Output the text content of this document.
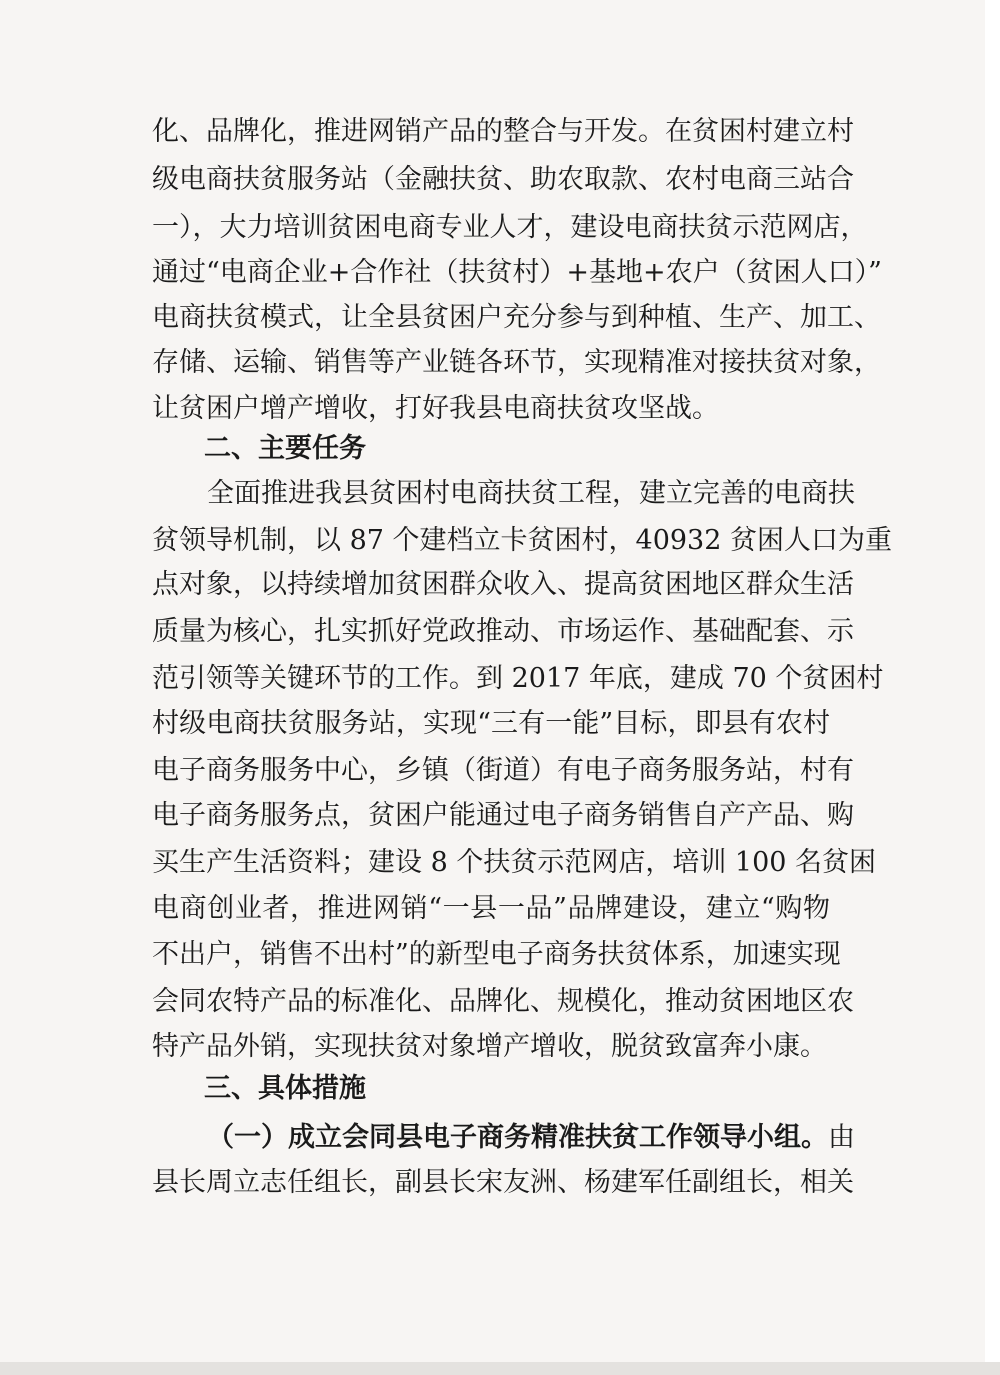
化、品牌化，推进网销产品的整合与开发。在贫困村建立村
级电商扶贫服务站（金融扶贫、助农取款、农村电商三站合
一），大力培训贫困电商专业人才，建设电商扶贫示范网店，
通过“电商企业+合作社（扶贫村）+基地+农户（贫困人口）”
电商扶贫模式，让全县贫困户充分参与到种植、生产、加工、
存储、运输、销售等产业链各环节，实现精准对接扶贫对象，
让贫困户增产增收，打好我县电商扶贫攻坚战。
二、主要任务
全面推进我县贫困村电商扶贫工程，建立完善的电商扶
贫领导机制，以 87 个建档立卡贫困村，40932 贫困人口为重
点对象，以持续增加贫困群众收入、提高贫困地区群众生活
质量为核心，扎实抓好党政推动、市场运作、基础配套、示
范引领等关键环节的工作。到 2017 年底，建成 70 个贫困村
村级电商扶贫服务站，实现“三有一能”目标，即县有农村
电子商务服务中心，乡镇（街道）有电子商务服务站，村有
电子商务服务点，贫困户能通过电子商务销售自产产品、购
买生产生活资料；建设 8 个扶贫示范网店，培训 100 名贫困
电商创业者，推进网销“一县一品”品牌建设，建立“购物
不出户，销售不出村”的新型电子商务扶贫体系，加速实现
会同农特产品的标准化、品牌化、规模化，推动贫困地区农
特产品外销，实现扶贫对象增产增收，脱贫致富奔小康。
三、具体措施
（一）成立会同县电子商务精准扶贫工作领导小组。由
县长周立志任组长，副县长宋友洲、杨建军任副组长，相关
